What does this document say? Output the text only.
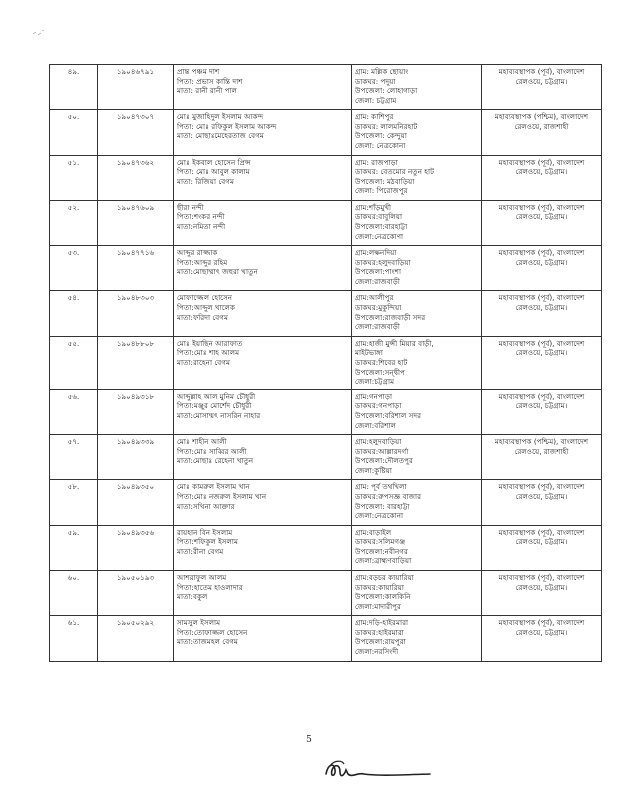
৪৯.	১৯০৪৬৭৯১	প্রান্ত পঞ্চম দাশ
পিতা: প্রভাস কান্তি দাশ
মাতা: রানী রানী পাল	গ্রাম: মল্লিক ছোয়াং
ডাকঘর: পদুয়া
উপজেলা: লোহাগাড়া
জেলা: চট্টগ্রাম	মহাব্যবস্থাপক (পূর্ব), বাংলাদেশ
রেলওয়ে, চট্টগ্রাম।

৫০.	১৯০৪৭৩০৭	মোঃ মুজাহিদুল ইসলাম আকন্দ
পিতা: মোঃ রফিকুল ইসলাম আকন্দ
মাতা: মোছাঃমেহেরতাজ বেগম	গ্রাম: কাশিপুর
ডাকঘর: লালমনিরহাট
উপজেলা: কেন্দুয়া
জেলা: নেত্রকোনা	মহাব্যবস্থাপক (পশ্চিম), বাংলাদেশ
রেলওয়ে, রাজশাহী

৫১.	১৯০৪৭৩৬২	মোঃ ইকবাল হোসেন প্রিন্স
পিতা: মোঃ আবুল কালাম
মাতা: রিজিয়া বেগম	গ্রাম: রাজপাড়া
ডাকঘর: বেতমোর নতুন হাট
উপজেলা: মঠবাড়িয়া
জেলা: পিরোজপুর	মহাব্যবস্থাপক (পূর্ব), বাংলাদেশ
রেলওয়ে, চট্টগ্রাম।

৫২.	১৯০৪৭৬০৯	ছীরা নন্দী
পিতা:শংকর নন্দী
মাতা:নমিতা নন্দী	গ্রাম:শাঁড়মুখী
ডাকঘর:বাবুলিয়া
উপজেলা:বারহাট্টা
জেলা:নেত্রকোণা	মহাব্যবস্থাপক (পূর্ব), বাংলাদেশ
রেলওয়ে, চট্টগ্রাম।

৫৩.	১৯০৪৭৭১৬	আব্দুর রাজ্জাক
পিতা:আব্দুর রহিম
মাতা:মোছাম্মাৎ জহুরা খাতুন	গ্রাম:লক্ষনদিয়া
ডাকঘর:হলুদবাড়িয়া
উপজেলা:পাংশা
জেলা:রাজবাড়ী	মহাব্যবস্থাপক (পূর্ব), বাংলাদেশ
রেলওয়ে, চট্টগ্রাম।

৫৪.	১৯০৪৮৩০৩	মোফাজ্জেল হোসেন
পিতা:আব্দুল খালেক
মাতা:ফরিদা বেগম	গ্রাম:আলীপুর
ডাকঘর:মুকুন্দিয়া
উপজেলা:রাজবাড়ী সদর
জেলা:রাজবাড়ী	মহাব্যবস্থাপক (পূর্ব), বাংলাদেশ
রেলওয়ে, চট্টগ্রাম।

৫৫.	১৯০৪৮৮০৮	মোঃ ইয়াছিন আরাফাত
পিতা:মোঃ শাহ আলম
মাতা:রাহেনা বেগম	গ্রাম:হাজী মুন্সী মিয়ার বাড়ী,
মাইটভাঙ্গা
ডাকঘর:শিবের হাট
উপজেলা:সন্দ্বীপ
জেলা:চট্টগ্রাম	মহাব্যবস্থাপক (পূর্ব), বাংলাদেশ
রেলওয়ে, চট্টগ্রাম।

৫৬.	১৯০৪৯৩১৮	আব্দুল্লাহ আল মুনিম চৌধুরী
পিতা:মঞ্জুর মোর্শেদ চৌধুরী
মাতা:মোসাম্মৎ নাসরিন নাহার	গ্রাম:গনপাড়া
ডাকঘর:গনপাড়া
উপজেলা:বরিশাল সদর
জেলা:বরিশাল	মহাব্যবস্থাপক (পূর্ব), বাংলাদেশ
রেলওয়ে, চট্টগ্রাম।

৫৭.	১৯০৪৯৩৩৯	মোঃ শাহীন আলী
পিতা:মোঃ সাব্বির আলী
মাতা:মোছাঃ রেহেনা খাতুন	গ্রাম:হলুদবাড়িয়া
ডাকঘর:আল্লারদর্গা
উপজেলা:দৌলতপুর
জেলা:কুষ্টিয়া	মহাব্যবস্থাপক (পশ্চিম), বাংলাদেশ
রেলওয়ে, রাজশাহী

৫৮.	১৯০৪৯৩৫০	মোঃ কামরুল ইসলাম খান
পিতা:মোঃ নজরুল ইসলাম খান
মাতা:সখিনা আক্তার	গ্রাম: পূর্ব তথখিলা
ডাকঘর:রুপসজ্ঞ বাজার
উপজেলা: বারহাট্টা
জেলা:নেত্রকোনা	মহাব্যবস্থাপক (পূর্ব), বাংলাদেশ
রেলওয়ে, চট্টগ্রাম।

৫৯.	১৯০৪৯৩৫৬	রায়হান বিন ইসলাম
পিতা:শফিকুল ইসলাম
মাতা:রীনা বেগম	গ্রাম:বাড়াইল
ডাকঘর:সলিমগঞ্জ
উপজেলা:নবীনগর
জেলা:ব্রাহ্মণবাড়িয়া	মহাব্যবস্থাপক (পূর্ব), বাংলাদেশ
রেলওয়ে, চট্টগ্রাম।

৬০.	১৯০৫০১৯৩	আশরাফুল আলম
পিতা:হাতেম হাওলাদার
মাতা:বকুল	গ্রাম:বড়চর কায়ারিয়া
ডাকঘর:কায়ারিয়া
উপজেলা:কালকিনি
জেলা:মাদারীপুর	মহাব্যবস্থাপক (পূর্ব), বাংলাদেশ
রেলওয়ে, চট্টগ্রাম।

৬১.	১৯০৫০২৯২	সামসুল ইসলাম
পিতা:তোফাজ্জল হোসেন
মাতা:তাজমহল বেগম	গ্রাম:দড়ি-হাইরমারা
ডাকঘর:হাইরমারা
উপজেলা:রায়পুরা
জেলা:নরসিংদী	মহাব্যবস্থাপক (পূর্ব), বাংলাদেশ
রেলওয়ে, চট্টগ্রাম।
5
